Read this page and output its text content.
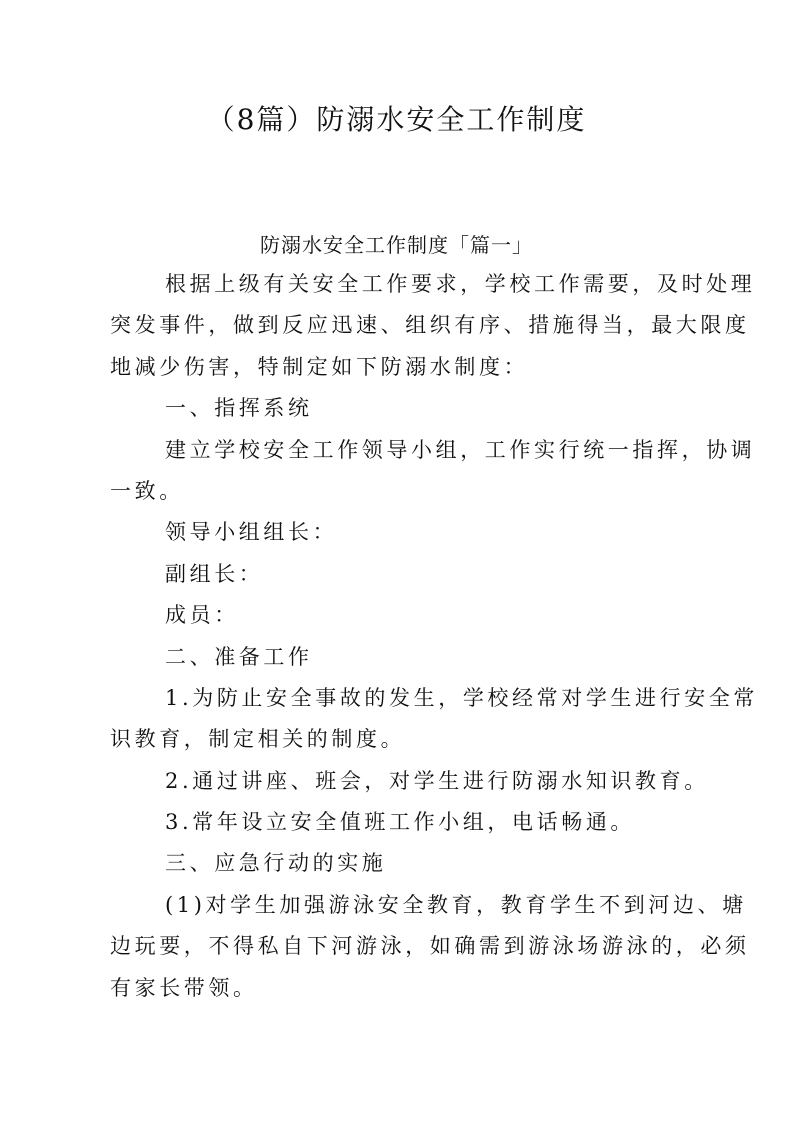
（8篇）防溺水安全工作制度
防溺水安全工作制度「篇一」
根据上级有关安全工作要求，学校工作需要，及时处理
突发事件，做到反应迅速、组织有序、措施得当，最大限度
地减少伤害，特制定如下防溺水制度：
一、指挥系统
建立学校安全工作领导小组，工作实行统一指挥，协调
一致。
领导小组组长：
副组长：
成员：
二、准备工作
1.为防止安全事故的发生，学校经常对学生进行安全常
识教育，制定相关的制度。
2.通过讲座、班会，对学生进行防溺水知识教育。
3.常年设立安全值班工作小组，电话畅通。
三、应急行动的实施
(1)对学生加强游泳安全教育，教育学生不到河边、塘
边玩要，不得私自下河游泳，如确需到游泳场游泳的，必须
有家长带领。
